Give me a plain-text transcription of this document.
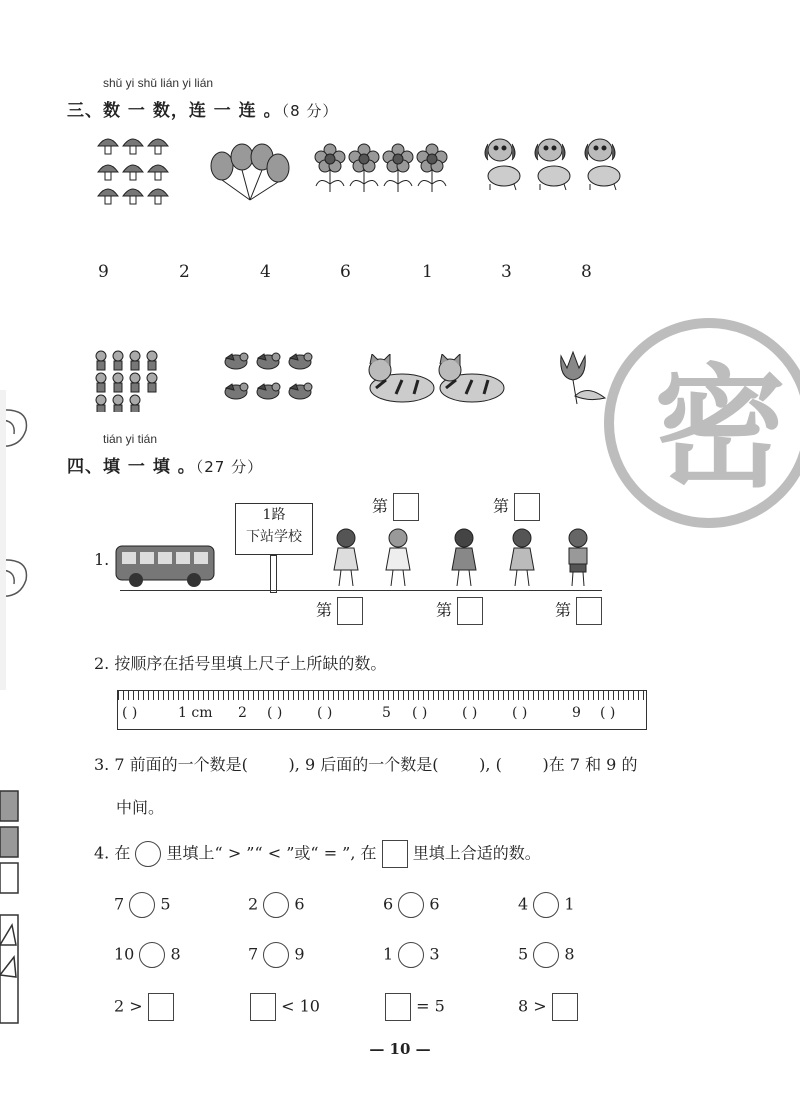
shǔ yi shǔ lián yi lián
三、数 一 数，连 一 连 。（8 分）
9	2	4	6	1	3	8
tián yi tián
四、填 一 填 。（27 分）
1.
1路
下站学校
第	第
第	第	第
2. 按顺序在括号里填上尺子上所缺的数。
( )	1 cm 2 ( ) ( )	5 ( ) ( ) ( )	9 ( )
3. 7 前面的一个数是(        ), 9 后面的一个数是(        ), (        )在 7 和 9 的
中间。
4. 在 里填上“ > ”“ < ”或“ = ”, 在 里填上合适的数。
7 5	2 6	6 6	4 1
10 8	7 9	1 3	5 8
2 >	< 10	= 5	8 >
— 10 —
密
